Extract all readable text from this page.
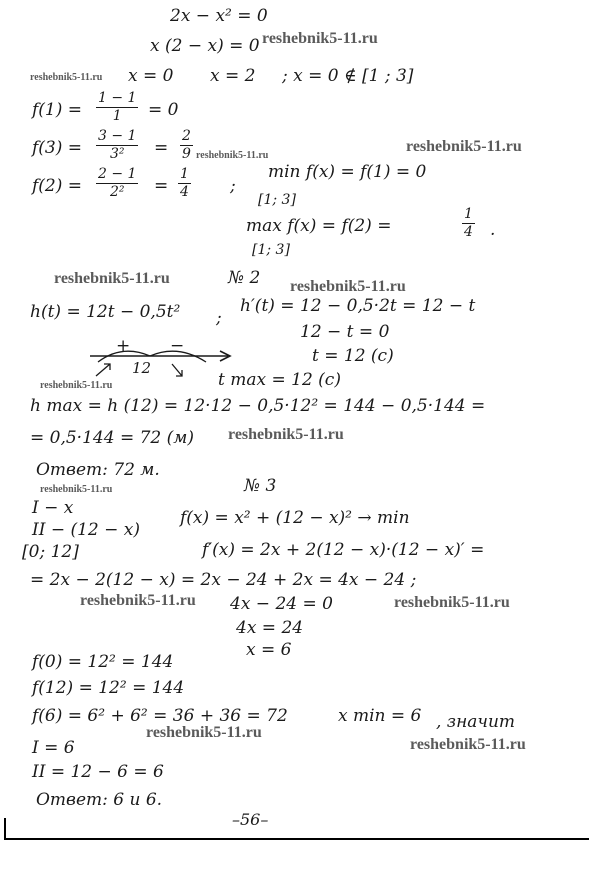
2x − x² = 0
x (2 − x) = 0
x = 0 x = 2 ; x = 0 ∉ [1 ; 3]
$f(1) = \frac{1 - 1}{1} = 0$
$f(3) = \frac{3 - 1}{\text{3²}} = \frac{2}{9}$
$f(2) = \frac{2 - 1}{\text{2²}} = \frac{1}{4}$ ;
min f(x) = f(1) = 0
[1; 3]
max f(x) = f(2) =	$\frac{1}{4}$ .
[1; 3]
№ 2
h(t) = 12t − 0,5t² ;
h′(t) = 12 − 0,5·2t = 12 − t
12 − t = 0
t = 12 (c)
+ −
12
t max = 12 (c)
h max = h (12) = 12·12 − 0,5·12² = 144 − 0,5·144 =
= 0,5·144 = 72 (м)
Ответ: 72 м.
№ 3
I − x
II − (12 − x)
[0; 12]
f(x) = x² + (12 − x)² → min
f′(x) = 2x + 2(12 − x)·(12 − x)′ =
= 2x − 2(12 − x) = 2x − 24 + 2x = 4x − 24 ;
4x − 24 = 0
4x = 24
x = 6
f(0) = 12² = 144
f(12) = 12² = 144
f(6) = 6² + 6² = 36 + 36 = 72	x min = 6 , значит
I = 6
II = 12 − 6 = 6
Ответ: 6 и 6.
–56–
reshebnik5-11.ru
reshebnik5-11.ru
reshebnik5-11.ru
reshebnik5-11.ru
reshebnik5-11.ru	reshebnik5-11.ru
reshebnik5-11.ru
reshebnik5-11.ru
reshebnik5-11.ru
reshebnik5-11.ru	reshebnik5-11.ru
reshebnik5-11.ru
reshebnik5-11.ru
